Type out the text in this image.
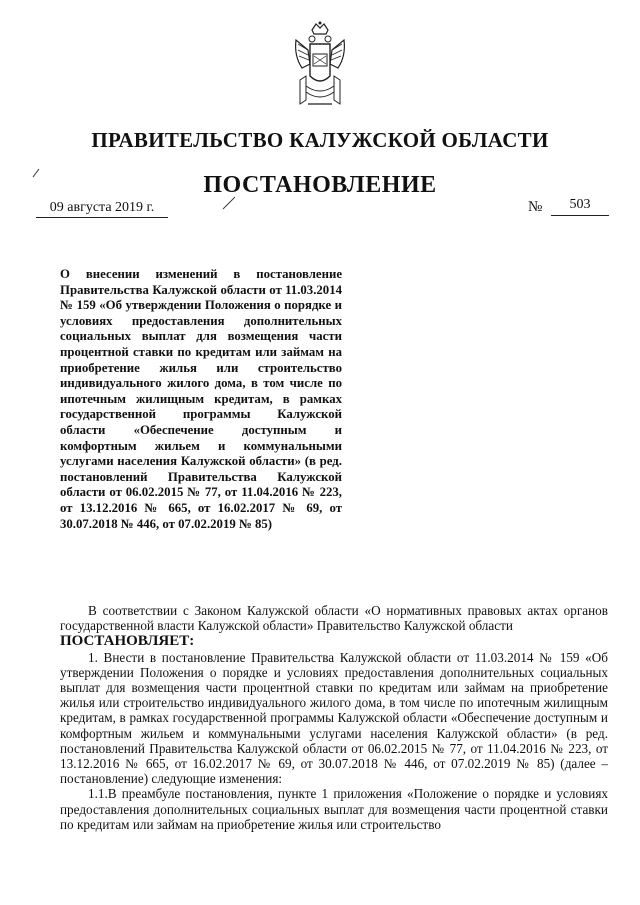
ПРАВИТЕЛЬСТВО КАЛУЖСКОЙ ОБЛАСТИ
ПОСТАНОВЛЕНИЕ
09 августа 2019 г.	№	503
О внесении изменений в постановление Правительства Калужской области от 11.03.2014 № 159 «Об утверждении Положения о порядке и условиях предоставления дополнительных социальных выплат для возмещения части процентной ставки по кредитам или займам на приобретение жилья или строительство индивидуального жилого дома, в том числе по ипотечным жилищным кредитам, в рамках государственной программы Калужской области «Обеспечение доступным и комфортным жильем и коммунальными услугами населения Калужской области» (в ред. постановлений Правительства Калужской области от 06.02.2015 № 77, от 11.04.2016 № 223, от 13.12.2016 № 665, от 16.02.2017 № 69, от 30.07.2018 № 446, от 07.02.2019 № 85)

В соответствии с Законом Калужской области «О нормативных правовых актах органов государственной власти Калужской области» Правительство Калужской области

ПОСТАНОВЛЯЕТ:

1. Внести в постановление Правительства Калужской области от 11.03.2014 № 159 «Об утверждении Положения о порядке и условиях предоставления дополнительных социальных выплат для возмещения части процентной ставки по кредитам или займам на приобретение жилья или строительство индивидуального жилого дома, в том числе по ипотечным жилищным кредитам, в рамках государственной программы Калужской области «Обеспечение доступным и комфортным жильем и коммунальными услугами населения Калужской области» (в ред. постановлений Правительства Калужской области от 06.02.2015 № 77, от 11.04.2016 № 223, от 13.12.2016 № 665, от 16.02.2017 № 69, от 30.07.2018 № 446, от 07.02.2019 № 85) (далее – постановление) следующие изменения:

1.1.В преамбуле постановления, пункте 1 приложения «Положение о порядке и условиях предоставления дополнительных социальных выплат для возмещения части процентной ставки по кредитам или займам на приобретение жилья или строительство
